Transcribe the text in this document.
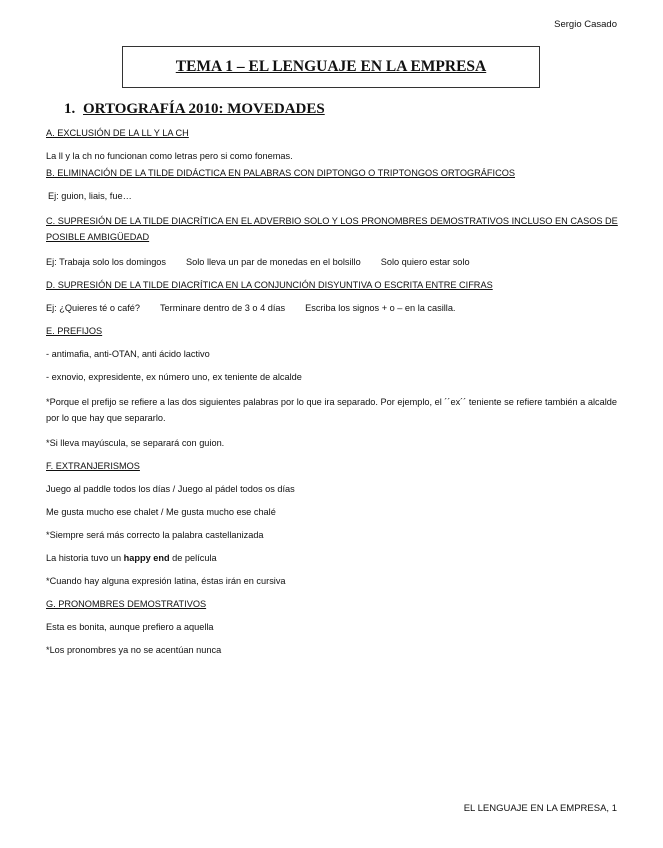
Sergio Casado
TEMA 1 – EL LENGUAJE EN LA EMPRESA
1. ORTOGRAFÍA 2010: MOVEDADES
A. EXCLUSIÓN DE LA LL Y LA CH
La ll y la ch no funcionan como letras pero si como fonemas.
B. ELIMINACIÓN DE LA TILDE DIDÁCTICA EN PALABRAS CON DIPTONGO O TRIPTONGOS ORTOGRÁFICOS
Ej: guion, liais, fue…
C. SUPRESIÓN DE LA TILDE DIACRÍTICA EN EL ADVERBIO SOLO Y LOS PRONOMBRES DEMOSTRATIVOS INCLUSO EN CASOS DE POSIBLE AMBIGÜEDAD
Ej: Trabaja solo los domingos Solo lleva un par de monedas en el bolsillo Solo quiero estar solo
D. SUPRESIÓN DE LA TILDE DIACRÍTICA EN LA CONJUNCIÓN DISYUNTIVA O ESCRITA ENTRE CIFRAS
Ej: ¿Quieres té o café? Terminare dentro de 3 o 4 días Escriba los signos + o – en la casilla.
E. PREFIJOS
- antimafia, anti-OTAN, anti ácido lactivo
- exnovio, expresidente, ex número uno, ex teniente de alcalde
*Porque el prefijo se refiere a las dos siguientes palabras por lo que ira separado. Por ejemplo, el ´´ex´´ teniente se refiere también a alcalde por lo que hay que separarlo.
*Si lleva mayúscula, se separará con guion.
F. EXTRANJERISMOS
Juego al paddle todos los días / Juego al pádel todos os días
Me gusta mucho ese chalet / Me gusta mucho ese chalé
*Siempre será más correcto la palabra castellanizada
La historia tuvo un happy end de película
*Cuando hay alguna expresión latina, éstas irán en cursiva
G. PRONOMBRES DEMOSTRATIVOS
Esta es bonita, aunque prefiero a aquella
*Los pronombres ya no se acentúan nunca
EL LENGUAJE EN LA EMPRESA, 1
